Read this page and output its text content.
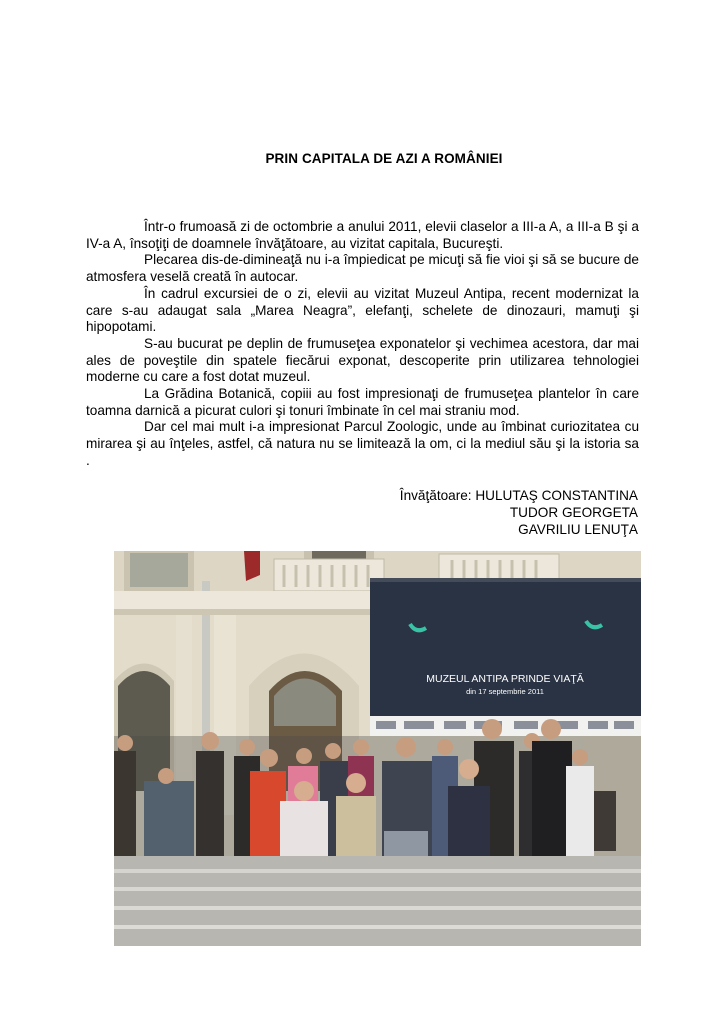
PRIN CAPITALA DE AZI A ROMÂNIEI

Într-o frumoasă zi de octombrie a anului 2011, elevii claselor a III-a A, a III-a B şi a IV-a A, însoţiţi de doamnele învăţătoare, au vizitat capitala, Bucureşti.

Plecarea dis-de-dimineaţă nu i-a împiedicat pe micuţi să fie vioi şi să se bucure de atmosfera veselă creată în autocar.

În cadrul excursiei de o zi, elevii au vizitat Muzeul Antipa, recent modernizat la care s-au adaugat sala „Marea Neagra”, elefanţi, schelete de dinozauri, mamuţi şi hipopotami.

S-au bucurat pe deplin de frumuseţea exponatelor şi vechimea acestora, dar mai ales de poveştile din spatele fiecărui exponat, descoperite prin utilizarea tehnologiei moderne cu care a fost dotat muzeul.

La Grădina Botanică, copiii au fost impresionaţi de frumuseţea plantelor în care toamna darnică a picurat culori şi tonuri îmbinate în cel mai straniu mod.

Dar cel mai mult i-a impresionat Parcul Zoologic, unde au îmbinat curiozitatea cu mirarea şi au înţeles, astfel, că natura nu se limitează la om, ci la mediul său şi la istoria sa .

Învăţătoare: HULUTAŞ CONSTANTINA
TUDOR GEORGETA
GAVRILIU LENUŢA
MUZEUL ANTIPA PRINDE VIAŢĂ
din 17 septembrie 2011
